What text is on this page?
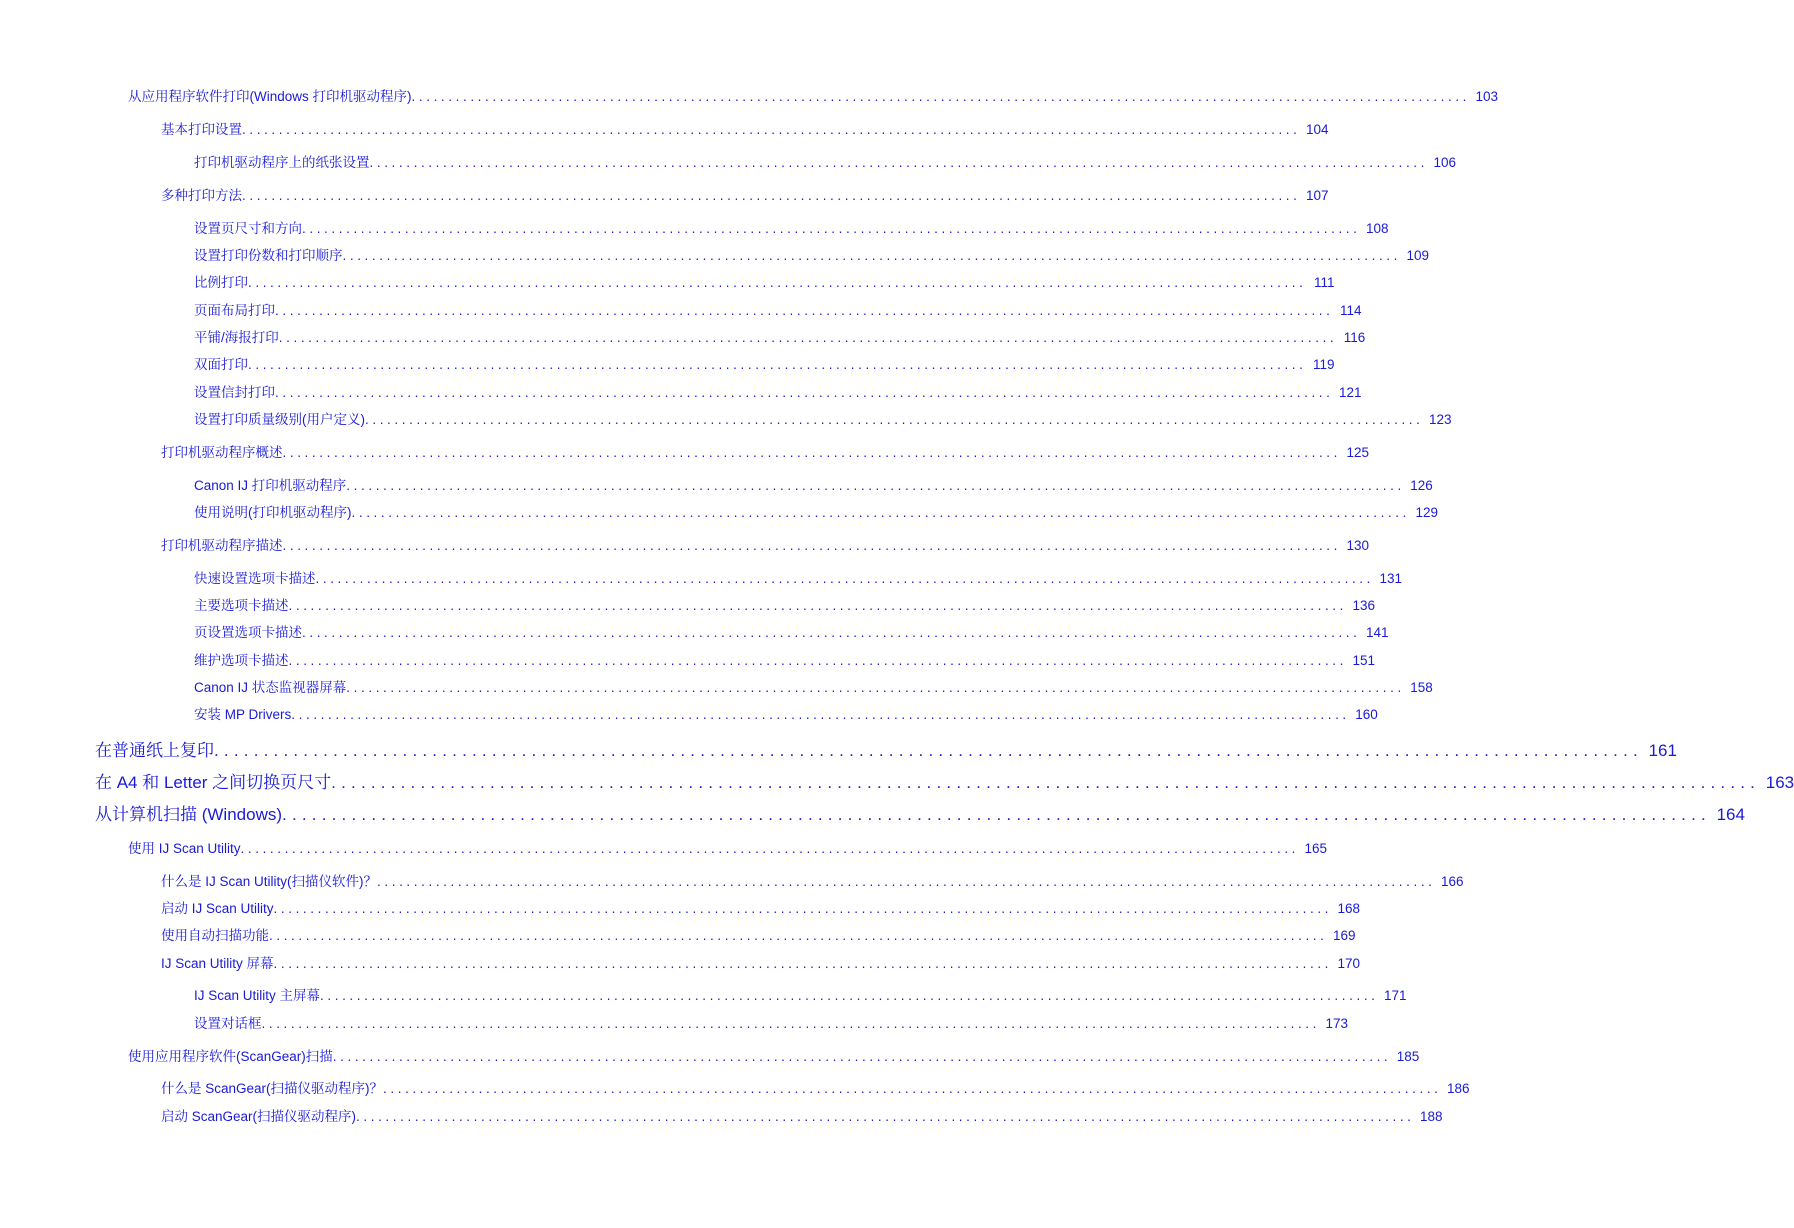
从应用程序软件打印(Windows 打印机驱动程序) ................................................................................................................................................ 103
基本打印设置 ................................................................................................................................................ 104
打印机驱动程序上的纸张设置 ................................................................................................................................................ 106
多种打印方法 ................................................................................................................................................ 107
设置页尺寸和方向 ................................................................................................................................................ 108
设置打印份数和打印顺序 ................................................................................................................................................ 109
比例打印 ................................................................................................................................................ 111
页面布局打印 ................................................................................................................................................ 114
平铺/海报打印 ................................................................................................................................................ 116
双面打印 ................................................................................................................................................ 119
设置信封打印 ................................................................................................................................................ 121
设置打印质量级别(用户定义) ................................................................................................................................................ 123
打印机驱动程序概述 ................................................................................................................................................ 125
Canon IJ 打印机驱动程序 ................................................................................................................................................ 126
使用说明(打印机驱动程序) ................................................................................................................................................ 129
打印机驱动程序描述 ................................................................................................................................................ 130
快速设置选项卡描述 ................................................................................................................................................ 131
主要选项卡描述 ................................................................................................................................................ 136
页设置选项卡描述 ................................................................................................................................................ 141
维护选项卡描述 ................................................................................................................................................ 151
Canon IJ 状态监视器屏幕 ................................................................................................................................................ 158
安装 MP Drivers ................................................................................................................................................ 160
在普通纸上复印 ................................................................................................................................................ 161
在 A4 和 Letter 之间切换页尺寸 ................................................................................................................................................ 163
从计算机扫描 (Windows) ................................................................................................................................................ 164
使用 IJ Scan Utility ................................................................................................................................................ 165
什么是 IJ Scan Utility(扫描仪软件)？ ................................................................................................................................................ 166
启动 IJ Scan Utility ................................................................................................................................................ 168
使用自动扫描功能 ................................................................................................................................................ 169
IJ Scan Utility 屏幕 ................................................................................................................................................ 170
IJ Scan Utility 主屏幕 ................................................................................................................................................ 171
设置对话框 ................................................................................................................................................ 173
使用应用程序软件(ScanGear)扫描 ................................................................................................................................................ 185
什么是 ScanGear(扫描仪驱动程序)？ ................................................................................................................................................ 186
启动 ScanGear(扫描仪驱动程序) ................................................................................................................................................ 188
